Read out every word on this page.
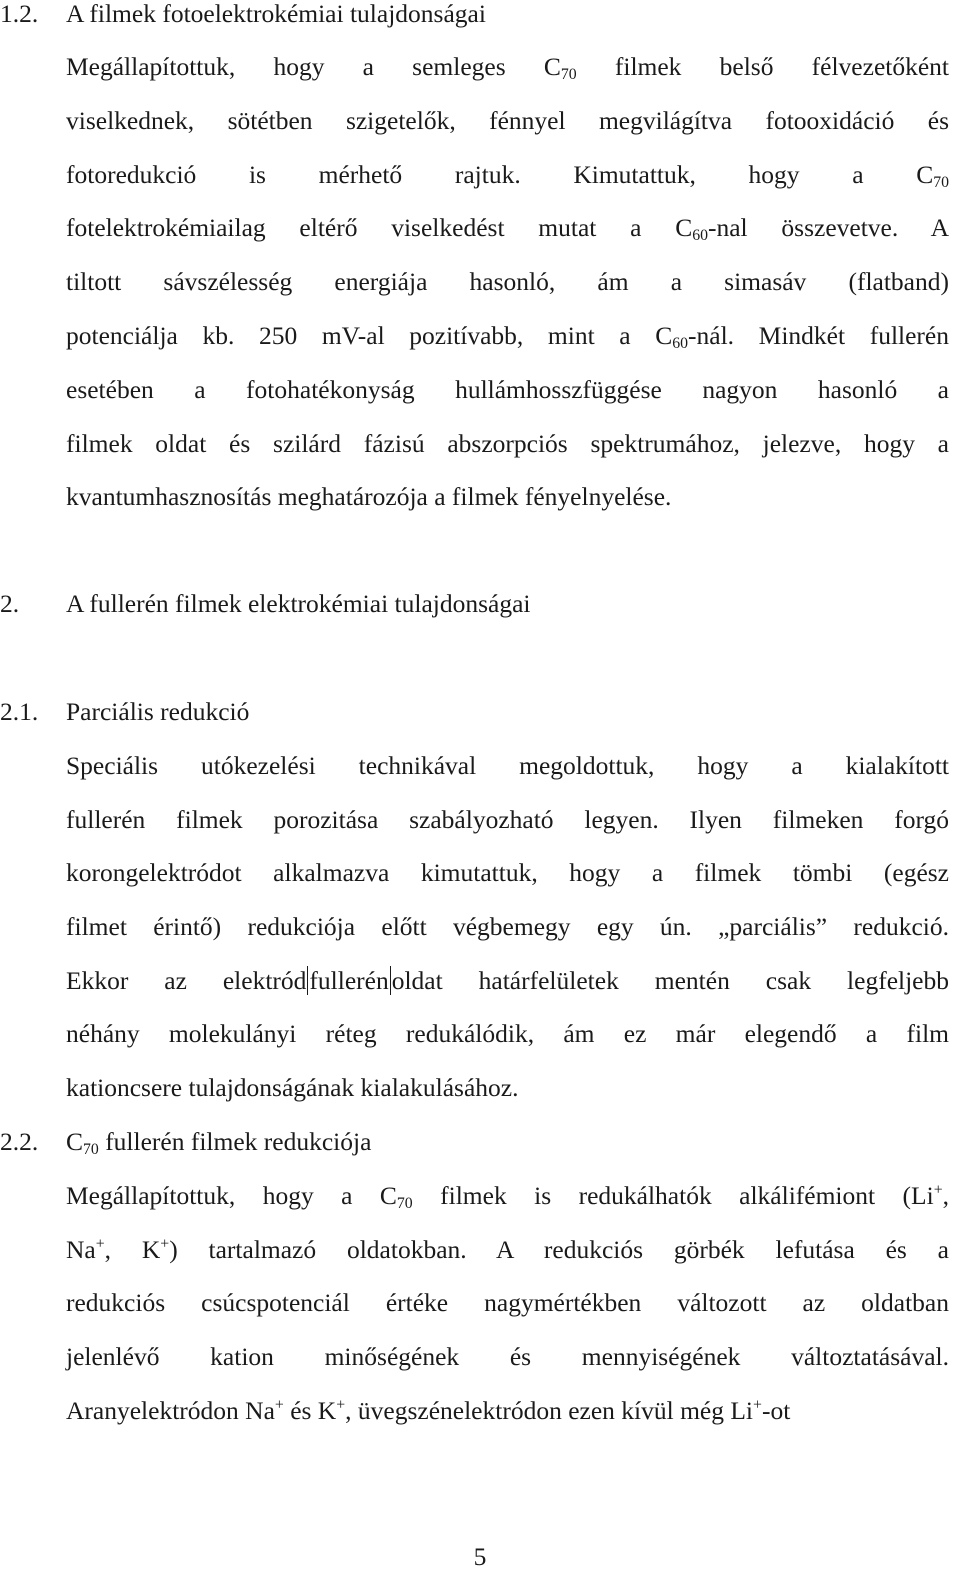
1.2. A filmek fotoelektrokémiai tulajdonságai
Megállapítottuk, hogy a semleges $C_{70}$ filmek belső félvezetőként
viselkednek, sötétben szigetelők, fénnyel megvilágítva fotooxidáció és
fotoredukció is mérhető rajtuk. Kimutattuk, hogy a $C_{70}$
fotelektrokémiailag eltérő viselkedést mutat a $C_{60}$-nal összevetve. A
tiltott sávszélesség energiája hasonló, ám a simasáv (flatband)
potenciálja kb. 250 mV-al pozitívabb, mint a $C_{60}$-nál. Mindkét fullerén
esetében a fotohatékonyság hullámhosszfüggése nagyon hasonló a
filmek oldat és szilárd fázisú abszorpciós spektrumához, jelezve, hogy a
kvantumhasznosítás meghatározója a filmek fényelnyelése.
2. A fullerén filmek elektrokémiai tulajdonságai
2.1. Parciális redukció
Speciális utókezelési technikával megoldottuk, hogy a kialakított
fullerén filmek porozitása szabályozható legyen. Ilyen filmeken forgó
korongelektródot alkalmazva kimutattuk, hogy a filmek tömbi (egész
filmet érintő) redukciója előtt végbemegy egy ún. „parciális” redukció.
Ekkor az elektród fullerén oldat határfelületek mentén csak legfeljebb
néhány molekulányi réteg redukálódik, ám ez már elegendő a film
kationcsere tulajdonságának kialakulásához.
2.2. $C_{70}$ fullerén filmek redukciója
Megállapítottuk, hogy a $C_{70}$ filmek is redukálhatók alkálifémiont (Li+,
Na+, K+) tartalmazó oldatokban. A redukciós görbék lefutása és a
redukciós csúcspotenciál értéke nagymértékben változott az oldatban
jelenlévő kation minőségének és mennyiségének változtatásával.
Aranyelektródon Na+ és K+, üvegszénelektródon ezen kívül még Li+-ot
5
